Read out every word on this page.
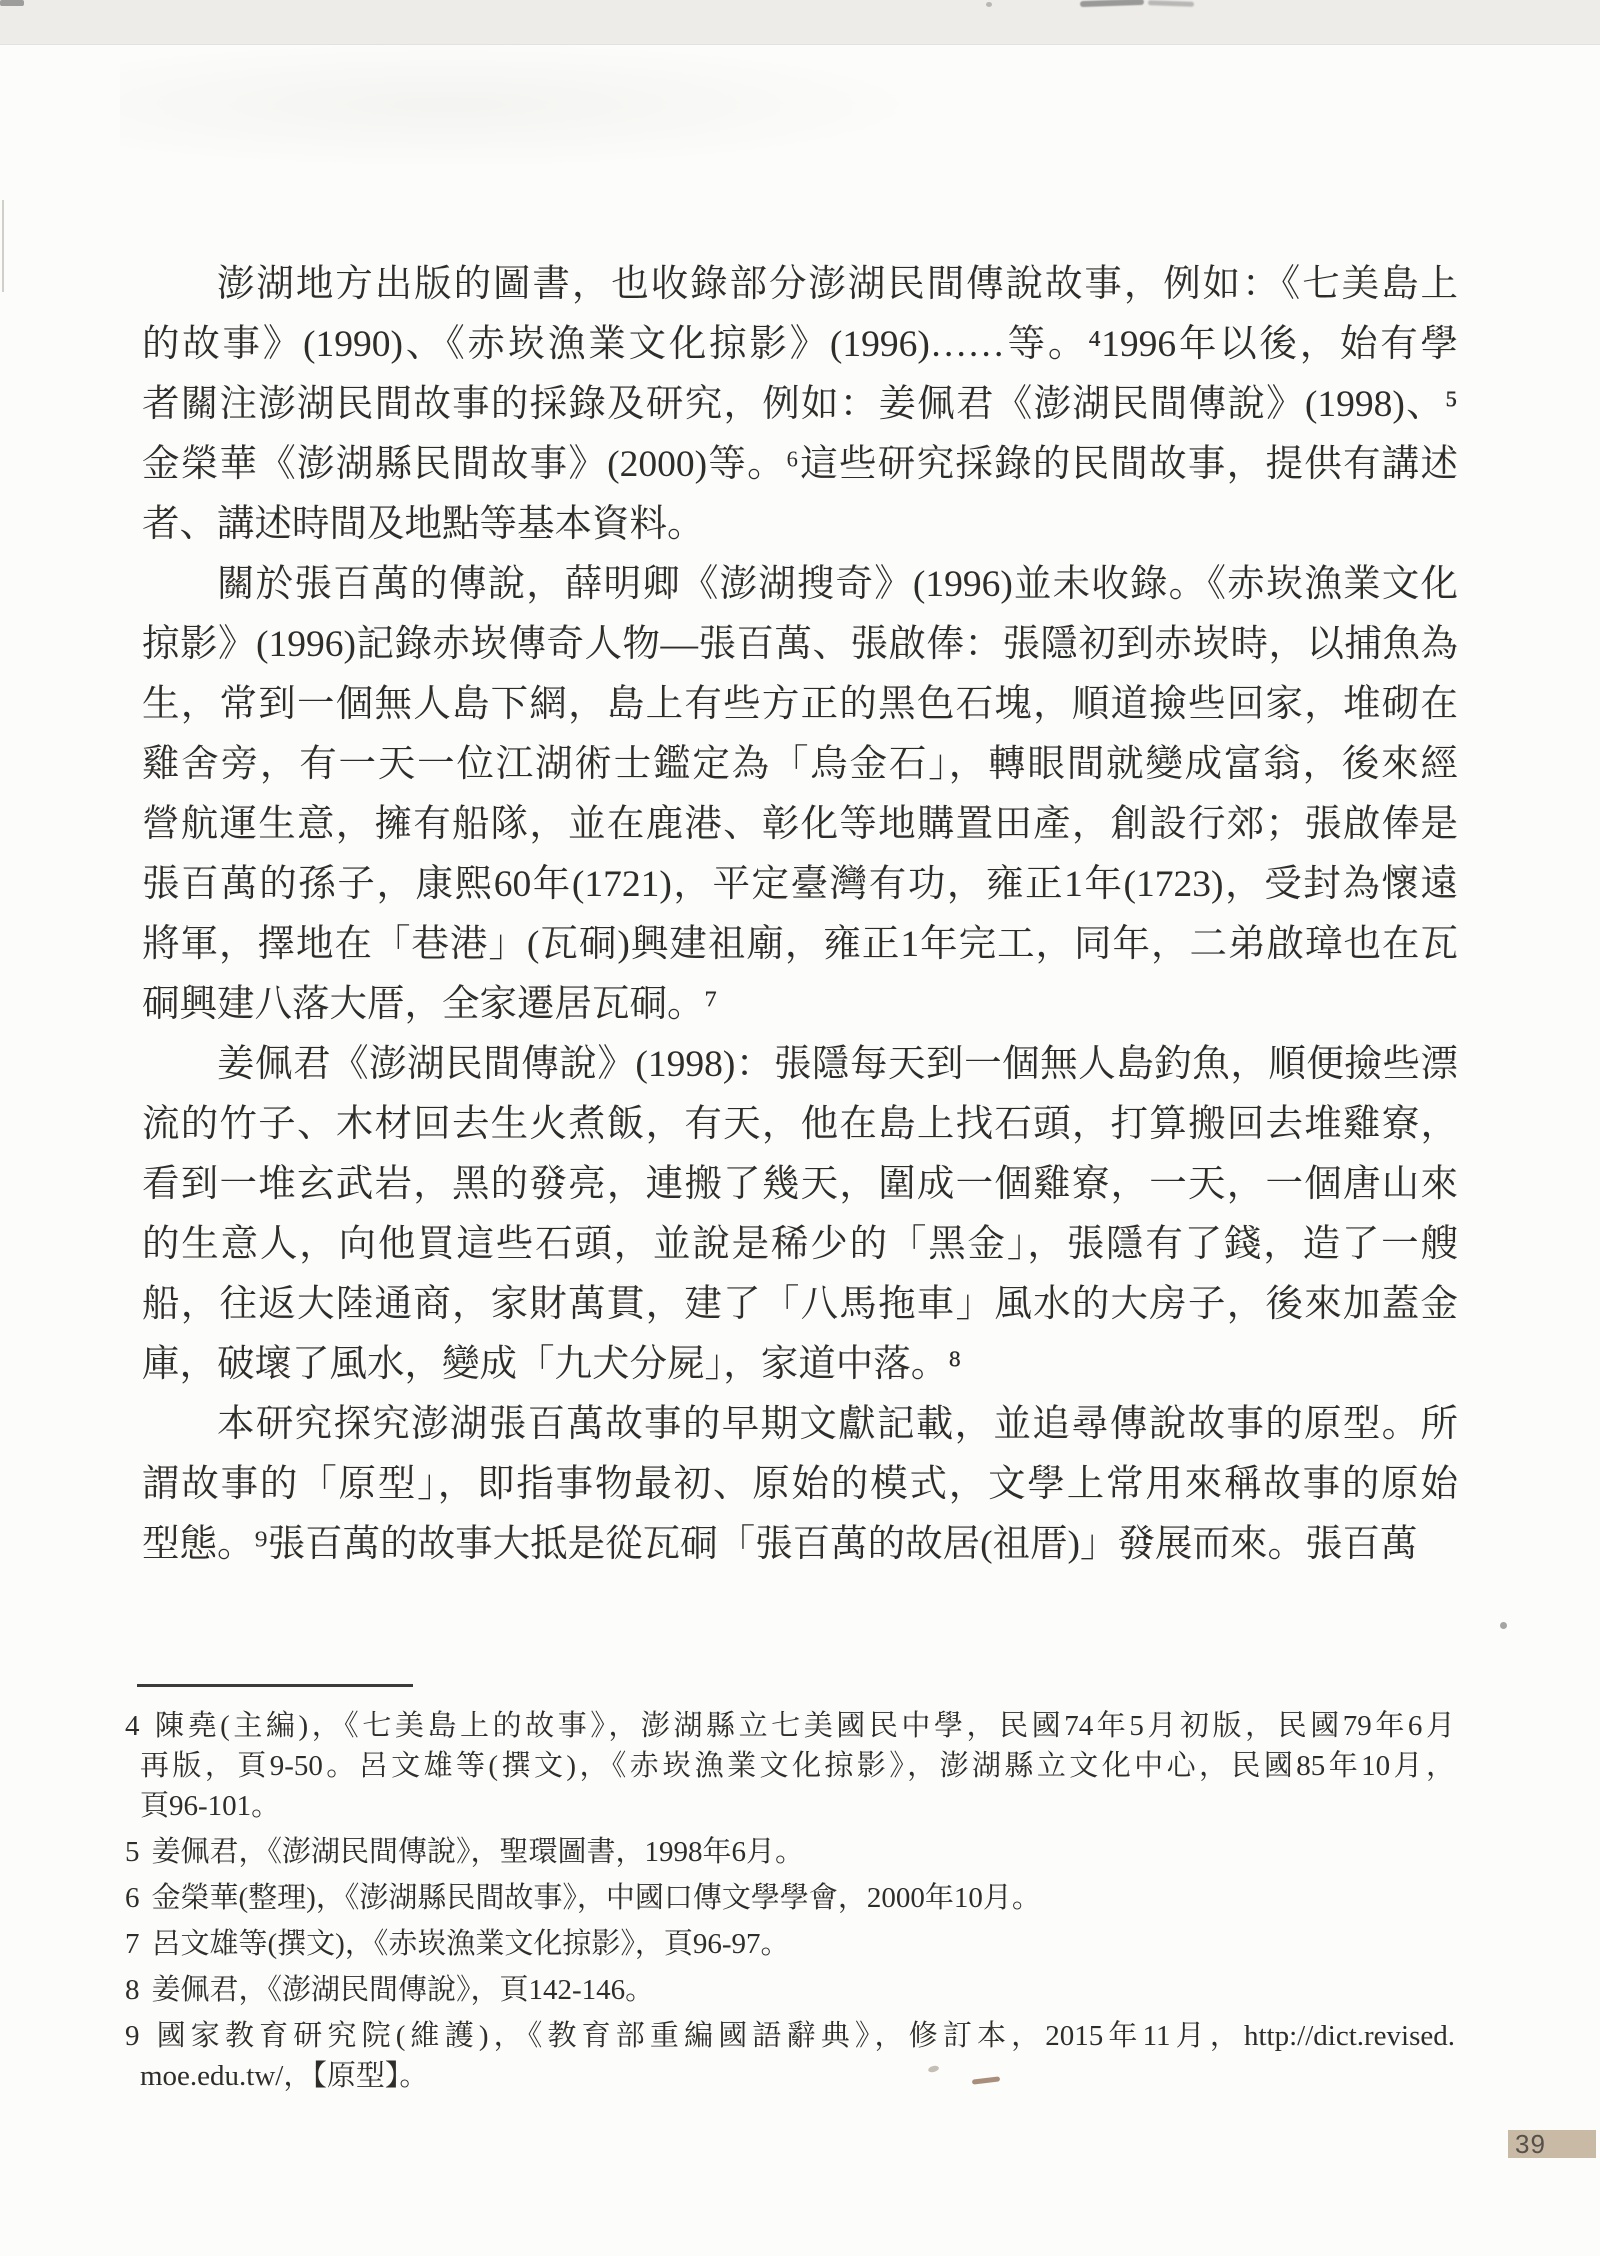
澎湖地方出版的圖書，也收錄部分澎湖民間傳說故事，例如：《七美島上
的故事》(1990)、《赤崁漁業文化掠影》(1996)……等。⁴1996年以後，始有學
者關注澎湖民間故事的採錄及研究，例如：姜佩君《澎湖民間傳說》(1998)、⁵
金榮華《澎湖縣民間故事》(2000)等。⁶這些研究採錄的民間故事，提供有講述
者、講述時間及地點等基本資料。
關於張百萬的傳說，薛明卿《澎湖搜奇》(1996)並未收錄。《赤崁漁業文化
掠影》(1996)記錄赤崁傳奇人物—張百萬、張啟俸：張隱初到赤崁時，以捕魚為
生，常到一個無人島下網，島上有些方正的黑色石塊，順道撿些回家，堆砌在
雞舍旁，有一天一位江湖術士鑑定為「烏金石」，轉眼間就變成富翁，後來經
營航運生意，擁有船隊，並在鹿港、彰化等地購置田產，創設行郊；張啟俸是
張百萬的孫子，康熙60年(1721)，平定臺灣有功，雍正1年(1723)，受封為懷遠
將軍，擇地在「巷港」(瓦硐)興建祖廟，雍正1年完工，同年，二弟啟璋也在瓦
硐興建八落大厝，全家遷居瓦硐。⁷
姜佩君《澎湖民間傳說》(1998)：張隱每天到一個無人島釣魚，順便撿些漂
流的竹子、木材回去生火煮飯，有天，他在島上找石頭，打算搬回去堆雞寮，
看到一堆玄武岩，黑的發亮，連搬了幾天，圍成一個雞寮，一天，一個唐山來
的生意人，向他買這些石頭，並說是稀少的「黑金」，張隱有了錢，造了一艘
船，往返大陸通商，家財萬貫，建了「八馬拖車」風水的大房子，後來加蓋金
庫，破壞了風水，變成「九犬分屍」，家道中落。⁸
本研究探究澎湖張百萬故事的早期文獻記載，並追尋傳說故事的原型。所
謂故事的「原型」，即指事物最初、原始的模式，文學上常用來稱故事的原始
型態。⁹張百萬的故事大抵是從瓦硐「張百萬的故居(祖厝)」發展而來。張百萬
4 陳堯(主編)，《七美島上的故事》，澎湖縣立七美國民中學，民國74年5月初版，民國79年6月
再版，頁9-50。呂文雄等(撰文)，《赤崁漁業文化掠影》，澎湖縣立文化中心，民國85年10月，
頁96-101。
5 姜佩君，《澎湖民間傳說》，聖環圖書，1998年6月。
6 金榮華(整理)，《澎湖縣民間故事》，中國口傳文學學會，2000年10月。
7 呂文雄等(撰文)，《赤崁漁業文化掠影》，頁96-97。
8 姜佩君，《澎湖民間傳說》，頁142-146。
9 國家教育研究院(維護)，《教育部重編國語辭典》，修訂本，2015年11月，http://dict.revised.
moe.edu.tw/，【原型】。
39
